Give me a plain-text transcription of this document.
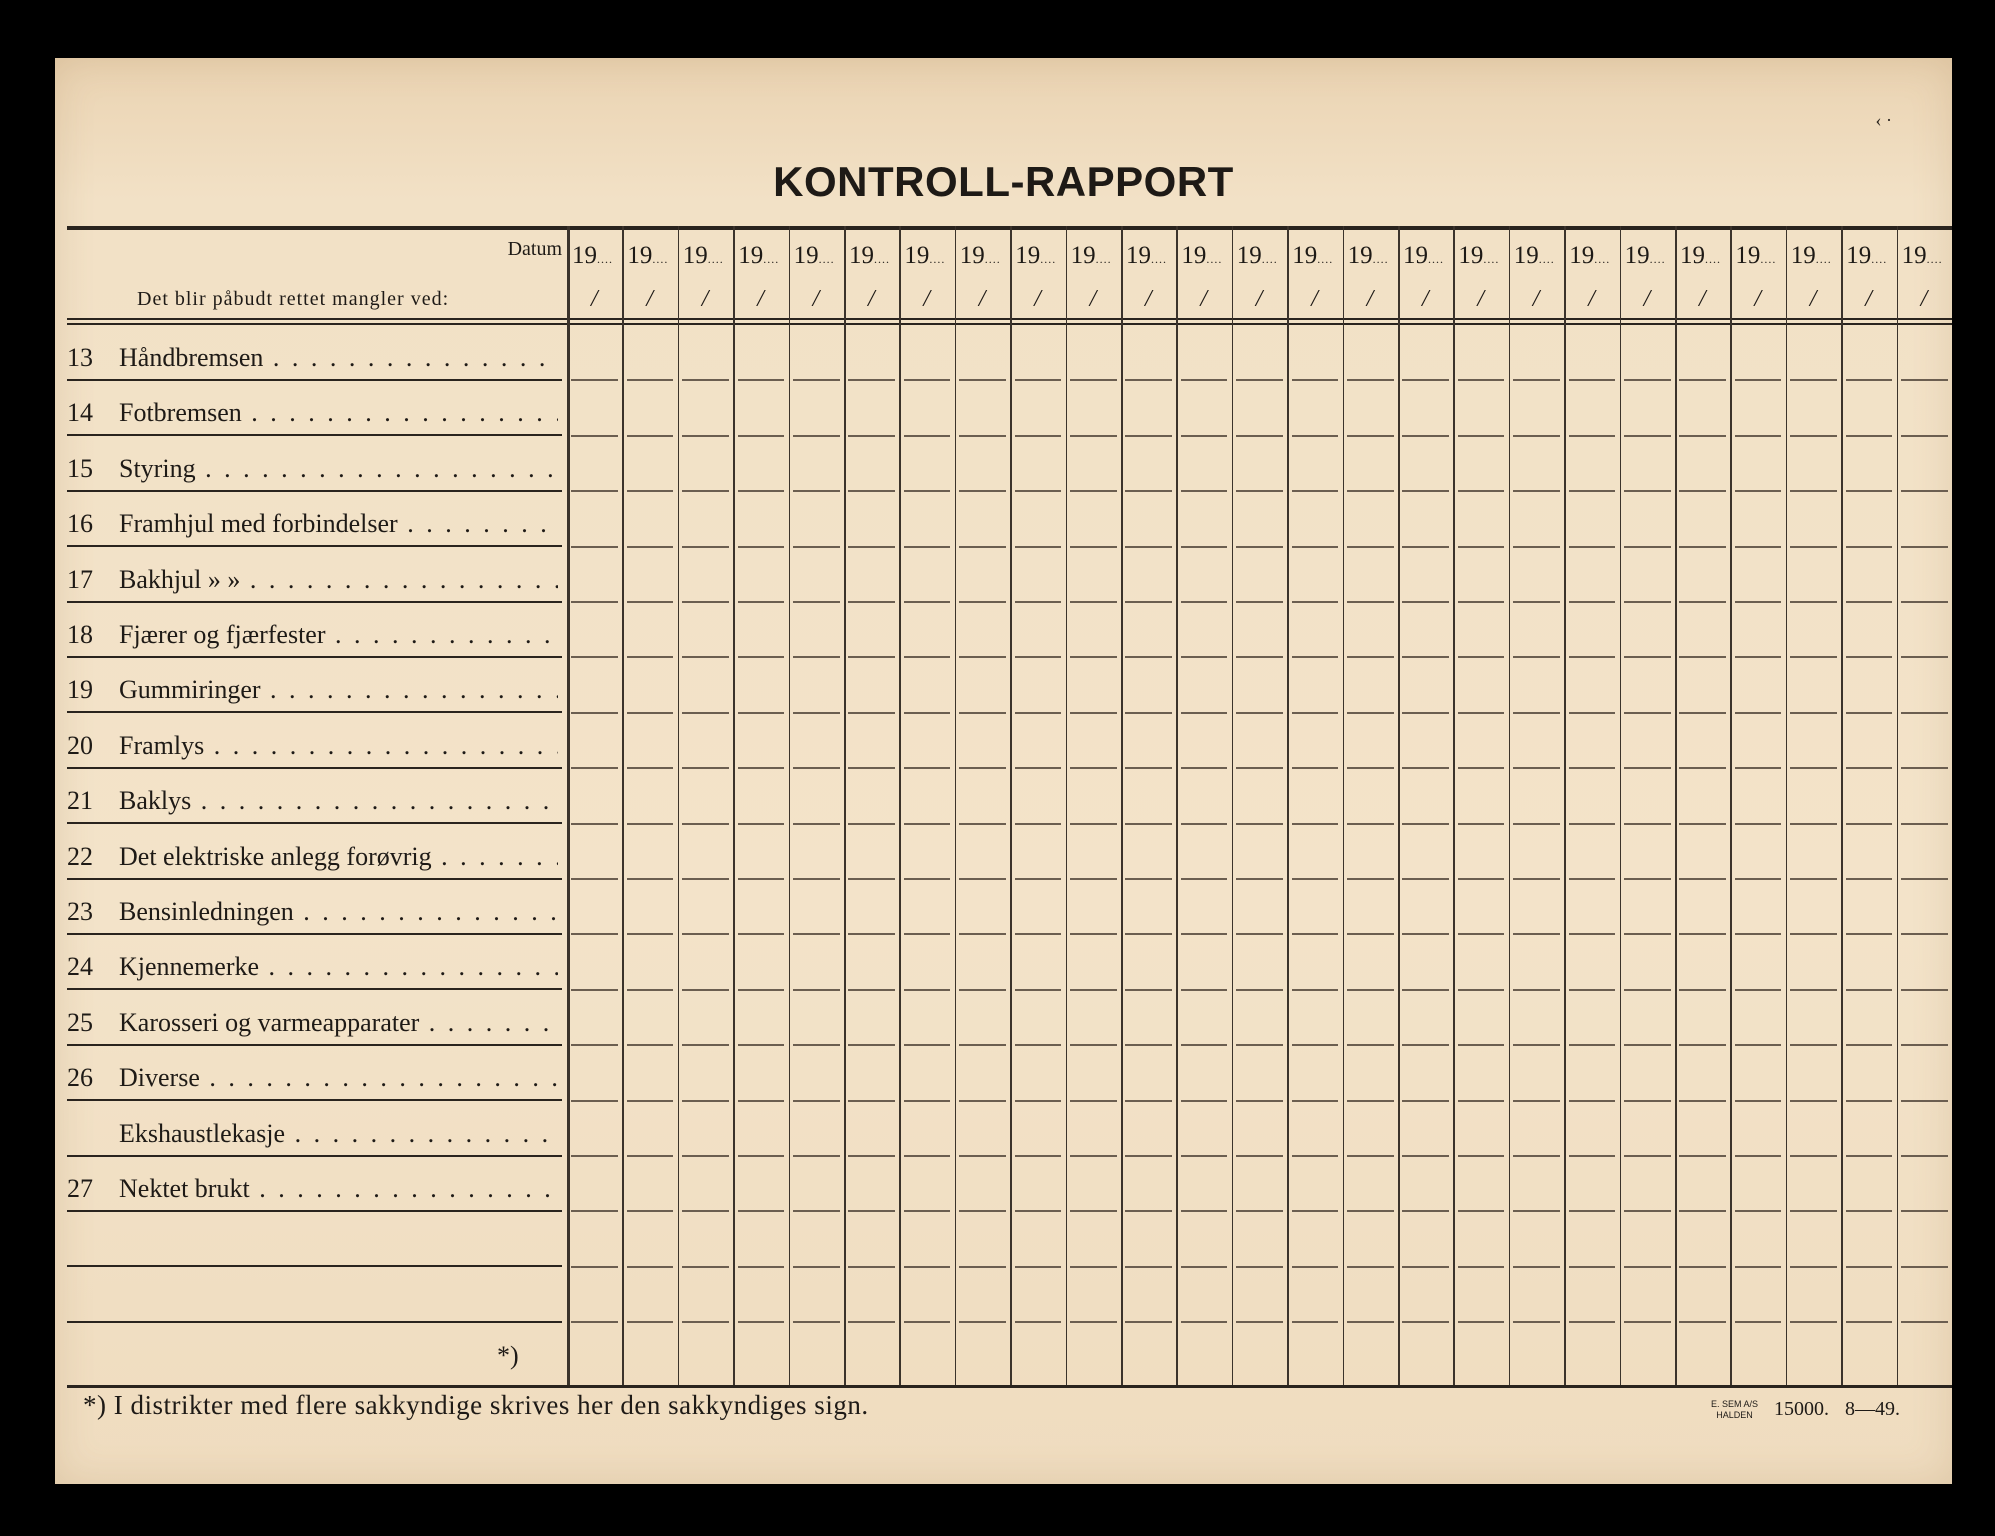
‹ ·
KONTROLL-RAPPORT
Datum
Det blir påbudt rettet mangler ved:
19 ....
/
19 ....
/
19 ....
/
19 ....
/
19 ....
/
19 ....
/
19 ....
/
19 ....
/
19 ....
/
19 ....
/
19 ....
/
19 ....
/
19 ....
/
19 ....
/
19 ....
/
19 ....
/
19 ....
/
19 ....
/
19 ....
/
19 ....
/
19 ....
/
19 ....
/
19 ....
/
19 ....
/
19 ....
/
13 Håndbremsen . . .
14 Fotbremsen . . .
15 Styring . . .
16 Framhjul med forbindelser . . .
17 Bakhjul » » . . .
18 Fjærer og fjærfester . . .
19 Gummiringer . . .
20 Framlys . . .
21 Baklys . . .
22 Det elektriske anlegg forøvrig . . .
23 Bensinledningen . . .
24 Kjennemerke . . .
25 Karosseri og varmeapparater . . .
26 Diverse . . .
Ekshaustlekasje . . .
27 Nektet brukt . . .
*)
*) I distrikter med flere sakkyndige skrives her den sakkyndiges sign.	E. SEM A/S
HALDEN 15000. 8—49.
